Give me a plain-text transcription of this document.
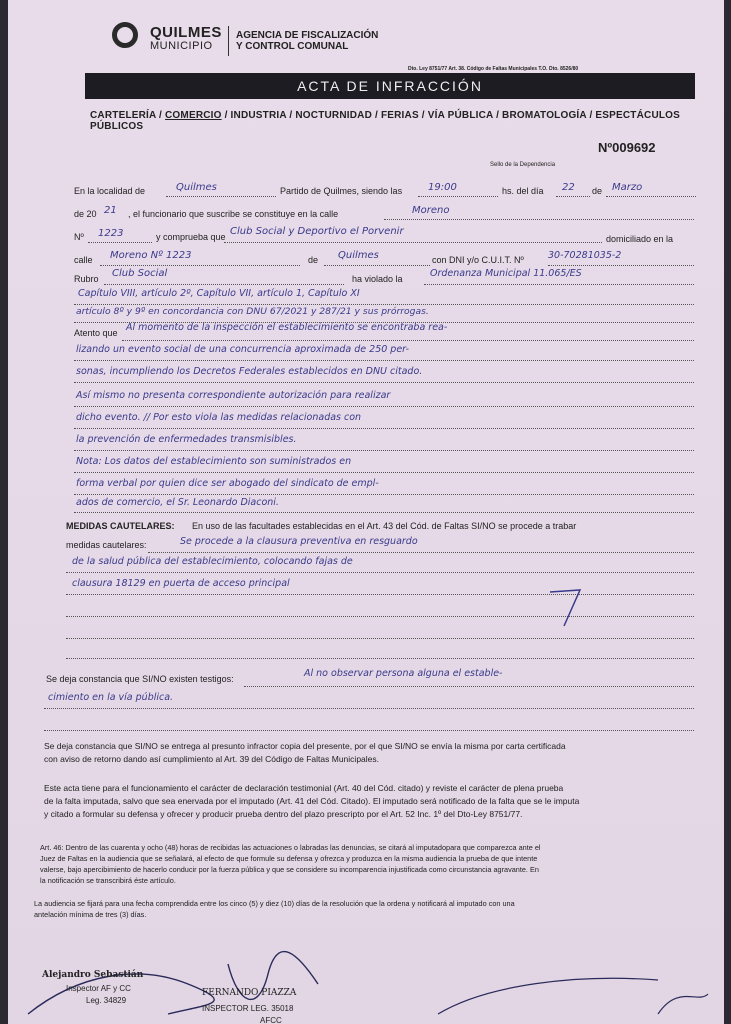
QUILMES
MUNICIPIO
AGENCIA DE FISCALIZACIÓN
Y CONTROL COMUNAL
Dto. Ley 8751/77 Art. 38. Código de Faltas Municipales T.O. Dto. 8526/80
ACTA DE INFRACCIÓN
CARTELERÍA / COMERCIO / INDUSTRIA / NOCTURNIDAD / FERIAS / VÍA PÚBLICA / BROMATOLOGÍA / ESPECTÁCULOS PÚBLICOS
Nº009692
Sello de la Dependencia
En la localidad de	Quilmes	Partido de Quilmes, siendo las	19:00	hs. del día 22 de Marzo
de 20 21 , el funcionario que suscribe se constituye en la calle	Moreno
Nº 1223	y comprueba que Club Social y Deportivo el Porvenir
domiciliado en la
calle Moreno Nº 1223	de Quilmes	con DNI y/o C.U.I.T. Nº	30-70281035-2
Rubro Club Social	ha violado la	Ordenanza Municipal 11.065/ES
Capítulo VIII, artículo 2º, Capítulo VII, artículo 1, Capítulo XI
artículo 8º y 9º en concordancia con DNU 67/2021 y 287/21 y sus prórrogas.
Atento que Al momento de la inspección el establecimiento se encontraba rea-
lizando un evento social de una concurrencia aproximada de 250 per-
sonas, incumpliendo los Decretos Federales establecidos en DNU citado.
Así mismo no presenta correspondiente autorización para realizar
dicho evento. // Por esto viola las medidas relacionadas con
la prevención de enfermedades transmisibles.
Nota: Los datos del establecimiento son suministrados en
forma verbal por quien dice ser abogado del sindicato de empl-
ados de comercio, el Sr. Leonardo Diaconi.
MEDIDAS CAUTELARES: En uso de las facultades establecidas en el Art. 43 del Cód. de Faltas SI/NO se procede a trabar
medidas cautelares:	Se procede a la clausura preventiva en resguardo
de la salud pública del establecimiento, colocando fajas de
clausura 18129 en puerta de acceso principal
Se deja constancia que SI/NO existen testigos:	Al no observar persona alguna el estable-
cimiento en la vía pública.
Se deja constancia que SI/NO se entrega al presunto infractor copia del presente, por el que SI/NO se envía la misma por carta certificada
con aviso de retorno dando así cumplimiento al Art. 39 del Código de Faltas Municipales.
Este acta tiene para el funcionamiento el carácter de declaración testimonial (Art. 40 del Cód. citado) y reviste el carácter de plena prueba
de la falta imputada, salvo que sea enervada por el imputado (Art. 41 del Cód. Citado). El imputado será notificado de la falta que se le imputa
y citado a formular su defensa y ofrecer y producir prueba dentro del plazo prescripto por el Art. 52 Inc. 1º del Dto-Ley 8751/77.
Art. 46: Dentro de las cuarenta y ocho (48) horas de recibidas las actuaciones o labradas las denuncias, se citará al imputadopara que comparezca ante el
Juez de Faltas en la audiencia que se señalará, al efecto de que formule su defensa y ofrezca y produzca en la misma audiencia la prueba de que intente
valerse, bajo apercibimiento de hacerlo conducir por la fuerza pública y que se considere su incomparencia injustificada como circunstancia agravante. En
la notificación se transcribirá éste artículo.
La audiencia se fijará para una fecha comprendida entre los cinco (5) y diez (10) días de la resolución que la ordena y notificará al imputado con una
antelación mínima de tres (3) días.
Alejandro Sebastián
Inspector AF y CC
Leg. 34829
FERNANDO PIAZZA
INSPECTOR LEG. 35018
AFCC
